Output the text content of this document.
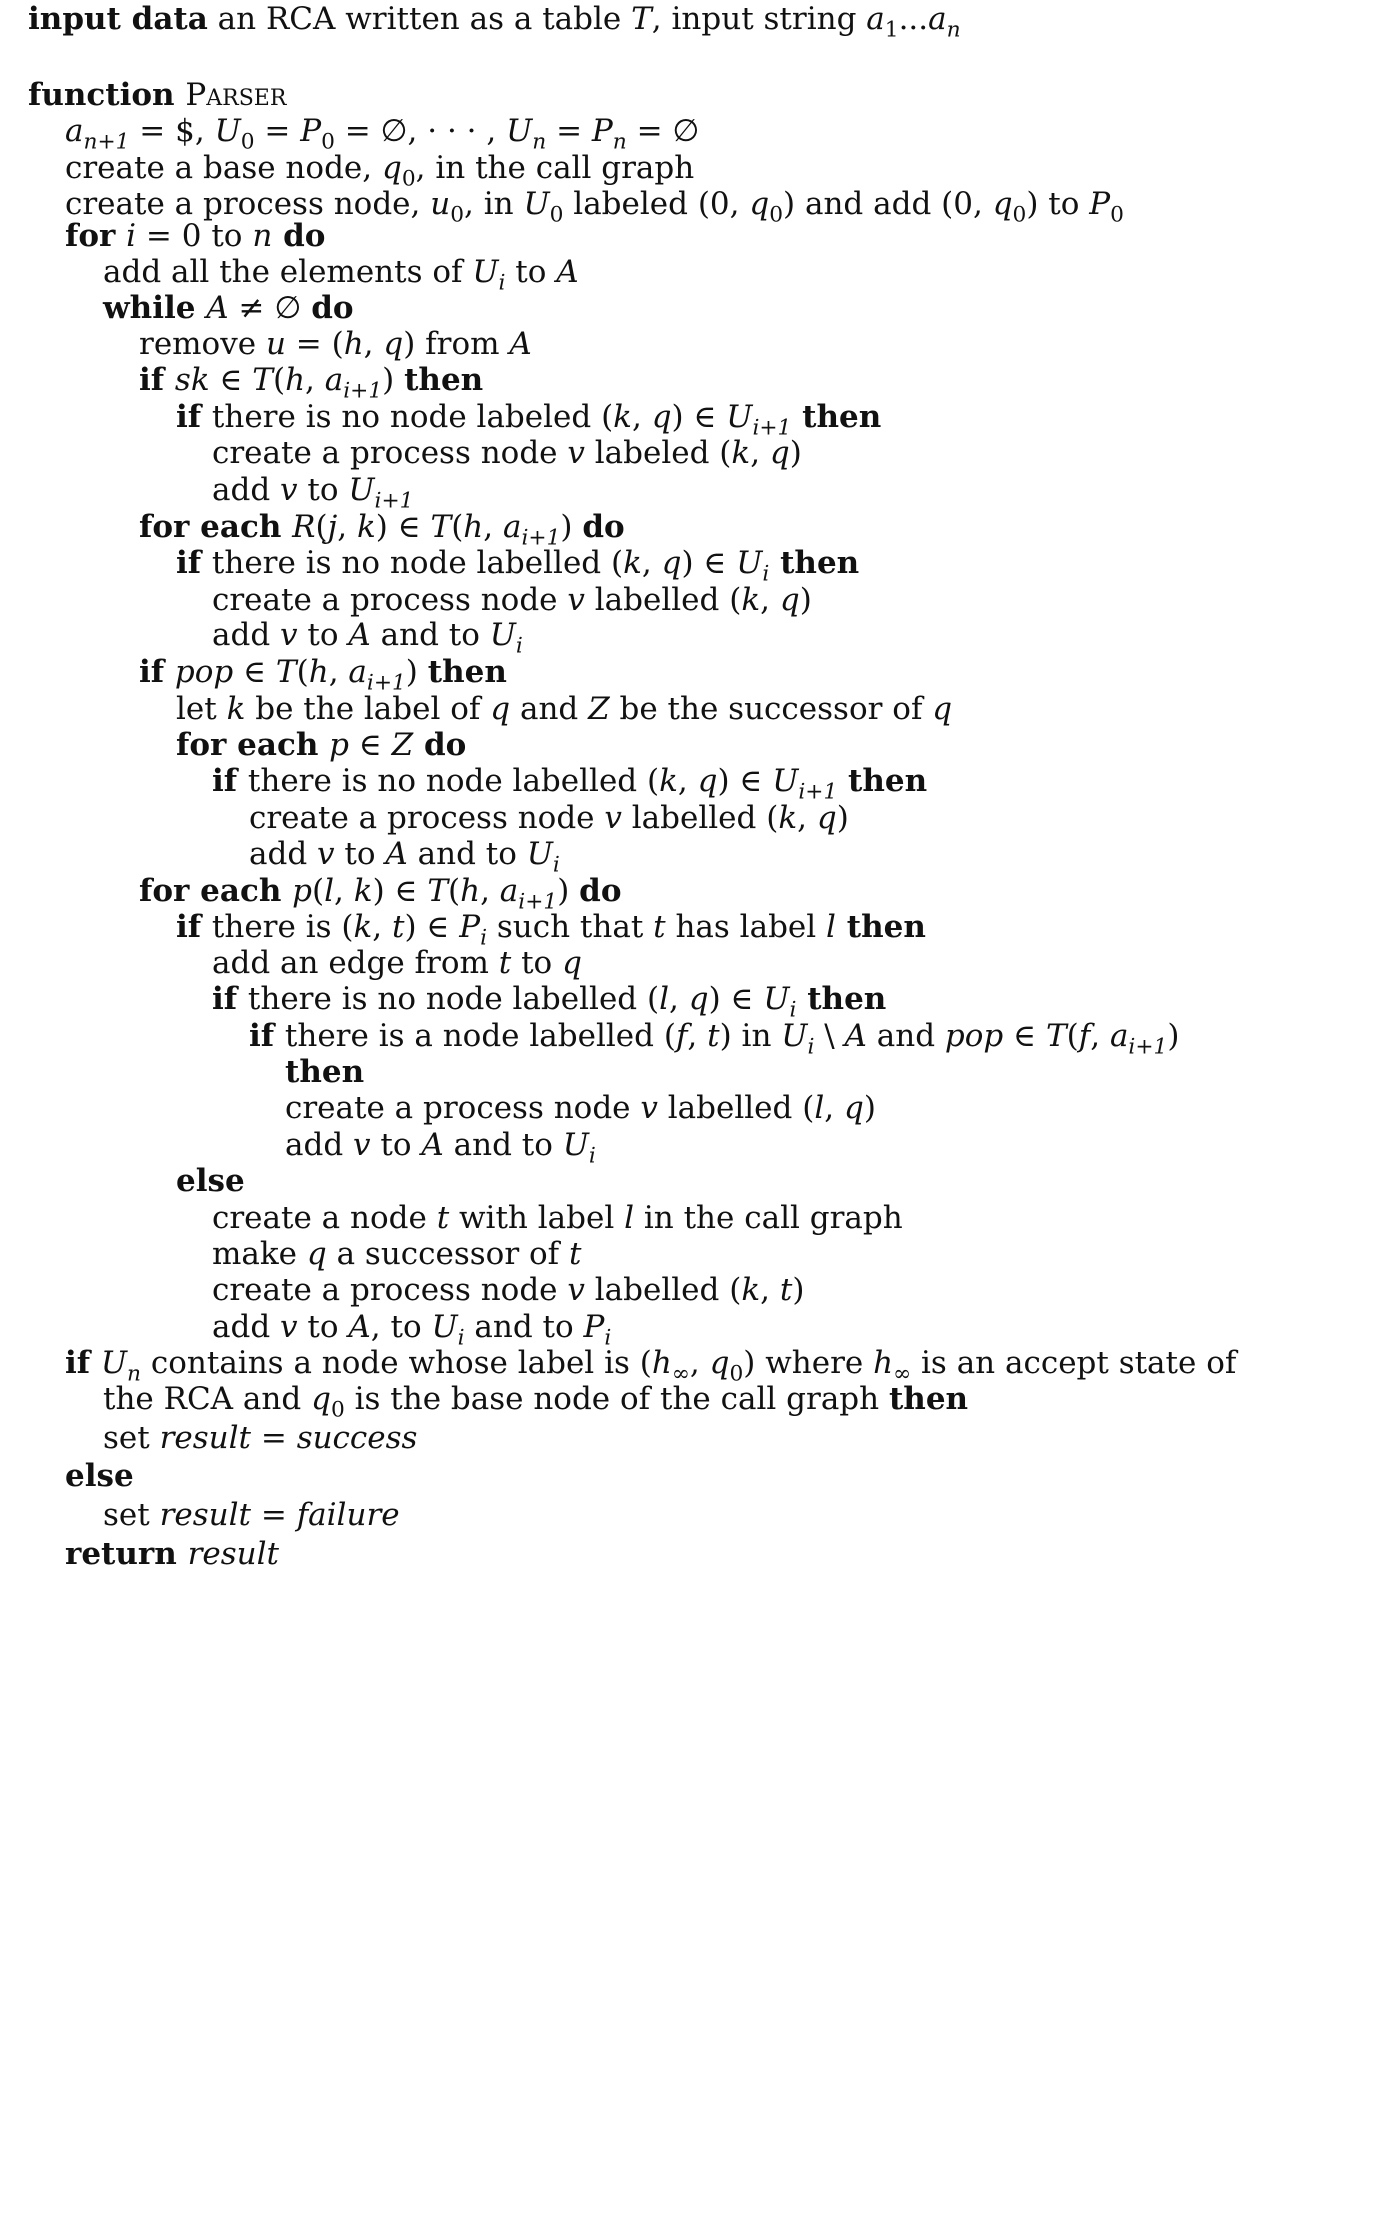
input data an RCA written as a table T, input string $a_1...a_n$
function Parser
$a_{n+1}$ = $, $U_0 = P_0$ = ∅, · · · , $U_n = P_n$ = ∅
create a base node, $q_0$, in the call graph
create a process node, $u_0$, in $U_0$ labeled (0, $q_0$) and add (0, $q_0$) to $P_0$
for i = 0 to n do
add all the elements of $U_i$ to A
while A ≠ ∅ do
remove u = (h, q) from A
if sk ∈ T(h, $a_{i+1}$) then
if there is no node labeled (k, q) ∈ $U_{i+1}$ then
create a process node v labeled (k, q)
add v to $U_{i+1}$
for each R(j, k) ∈ T(h, $a_{i+1}$) do
if there is no node labelled (k, q) ∈ $U_i$ then
create a process node v labelled (k, q)
add v to A and to $U_i$
if pop ∈ T(h, $a_{i+1}$) then
let k be the label of q and Z be the successor of q
for each p ∈ Z do
if there is no node labelled (k, q) ∈ $U_{i+1}$ then
create a process node v labelled (k, q)
add v to A and to $U_i$
for each p(l, k) ∈ T(h, $a_{i+1}$) do
if there is (k, t) ∈ $P_i$ such that t has label l then
add an edge from t to q
if there is no node labelled (l, q) ∈ $U_i$ then
if there is a node labelled (f, t) in $U_i$ \ A and pop ∈ T(f, $a_{i+1}$)
then
create a process node v labelled (l, q)
add v to A and to $U_i$
else
create a node t with label l in the call graph
make q a successor of t
create a process node v labelled (k, t)
add v to A, to $U_i$ and to $P_i$
if $U_n$ contains a node whose label is ($h_\infty$, $q_0$) where $h_\infty$ is an accept state of
the RCA and $q_0$ is the base node of the call graph then
set result = success
else
set result = failure
return result
